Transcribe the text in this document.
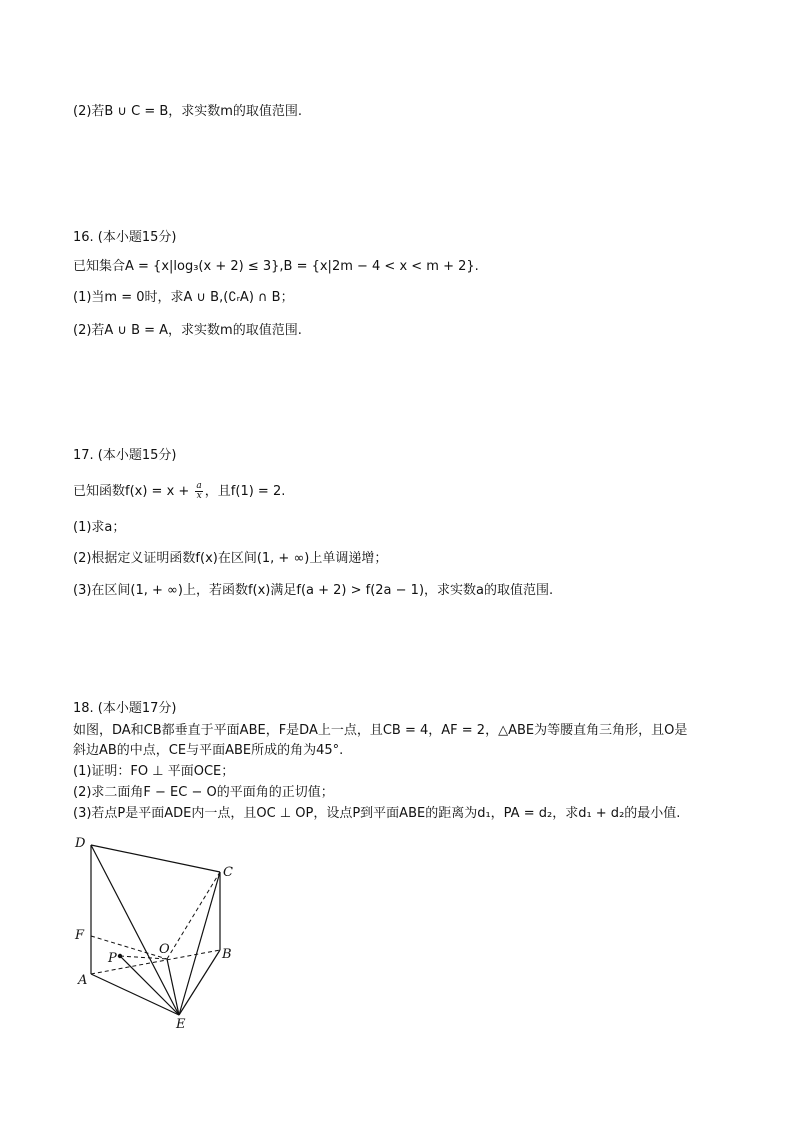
(2)若B ∪ C = B，求实数m的取值范围.
16. (本小题15分)
已知集合A = {x|log₃(x + 2) ≤ 3},B = {x|2m − 4 < x < m + 2}.
(1)当m = 0时，求A ∪ B,(∁ᵣA) ∩ B；
(2)若A ∪ B = A，求实数m的取值范围.
17. (本小题15分)
已知函数$f(x) = x + \frac{a}{x}$ ，且f(1) = 2.
(1)求a；
(2)根据定义证明函数f(x)在区间(1, + ∞)上单调递增；
(3)在区间(1, + ∞)上，若函数f(x)满足f(a + 2) > f(2a − 1)，求实数a的取值范围.
18. (本小题17分)
如图，DA和CB都垂直于平面ABE，F是DA上一点，且CB = 4，AF = 2，△ABE为等腰直角三角形，且O是
斜边AB的中点，CE与平面ABE所成的角为45°.
(1)证明：FO ⊥ 平面OCE；
(2)求二面角F − EC − O的平面角的正切值；
(3)若点P是平面ADE内一点，且OC ⊥ OP，设点P到平面ABE的距离为d₁，PA = d₂，求d₁ + d₂的最小值.
D
C
F
O
P	B
A
E
